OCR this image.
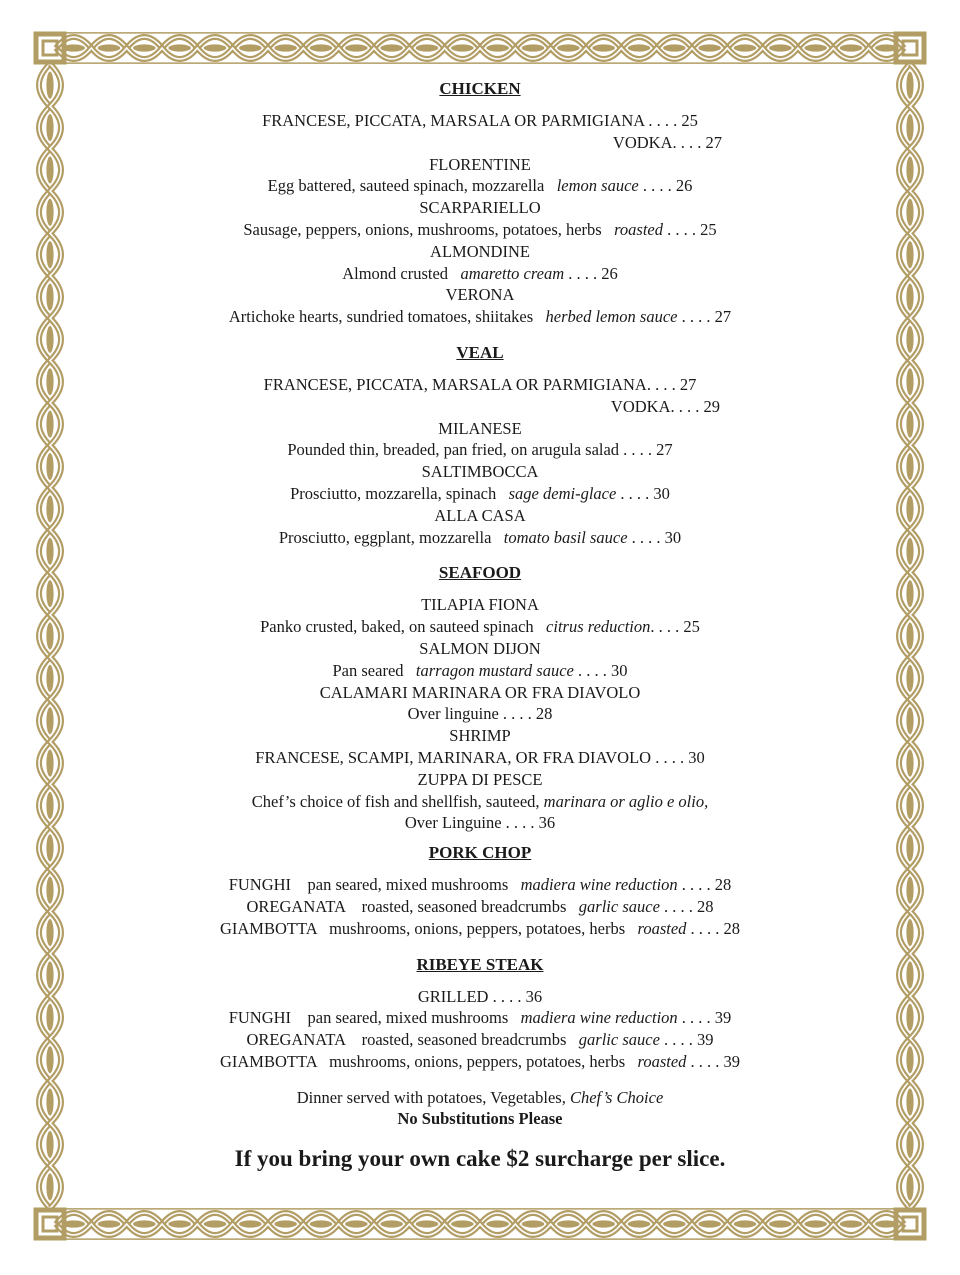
CHICKEN
FRANCESE, PICCATA, MARSALA OR PARMIGIANA . . . . 25
VODKA. . . . 27
FLORENTINE
Egg battered, sauteed spinach, mozzarella   lemon sauce . . . . 26
SCARPARIELLO
Sausage, peppers, onions, mushrooms, potatoes, herbs   roasted . . . . 25
ALMONDINE
Almond crusted   amaretto cream . . . . 26
VERONA
Artichoke hearts, sundried tomatoes, shiitakes   herbed lemon sauce . . . . 27
VEAL
FRANCESE, PICCATA, MARSALA OR PARMIGIANA. . . . 27
VODKA. . . . 29
MILANESE
Pounded thin, breaded, pan fried, on arugula salad . . . . 27
SALTIMBOCCA
Prosciutto, mozzarella, spinach   sage demi-glace . . . . 30
ALLA CASA
Prosciutto, eggplant, mozzarella   tomato basil sauce . . . . 30
SEAFOOD
TILAPIA FIONA
Panko crusted, baked, on sauteed spinach   citrus reduction. . . . 25
SALMON DIJON
Pan seared   tarragon mustard sauce . . . . 30
CALAMARI MARINARA OR FRA DIAVOLO
Over linguine . . . . 28
SHRIMP
FRANCESE, SCAMPI, MARINARA, OR FRA DIAVOLO . . . . 30
ZUPPA DI PESCE
Chef’s choice of fish and shellfish, sauteed, marinara or aglio e olio,
Over Linguine . . . . 36
PORK CHOP
FUNGHI    pan seared, mixed mushrooms   madiera wine reduction . . . . 28
OREGANATA    roasted, seasoned breadcrumbs   garlic sauce . . . . 28
GIAMBOTTA   mushrooms, onions, peppers, potatoes, herbs   roasted . . . . 28
RIBEYE STEAK
GRILLED . . . . 36
FUNGHI    pan seared, mixed mushrooms   madiera wine reduction . . . . 39
OREGANATA    roasted, seasoned breadcrumbs   garlic sauce . . . . 39
GIAMBOTTA   mushrooms, onions, peppers, potatoes, herbs   roasted . . . . 39
Dinner served with potatoes, Vegetables, Chef’s Choice
No Substitutions Please
If you bring your own cake $2 surcharge per slice.
